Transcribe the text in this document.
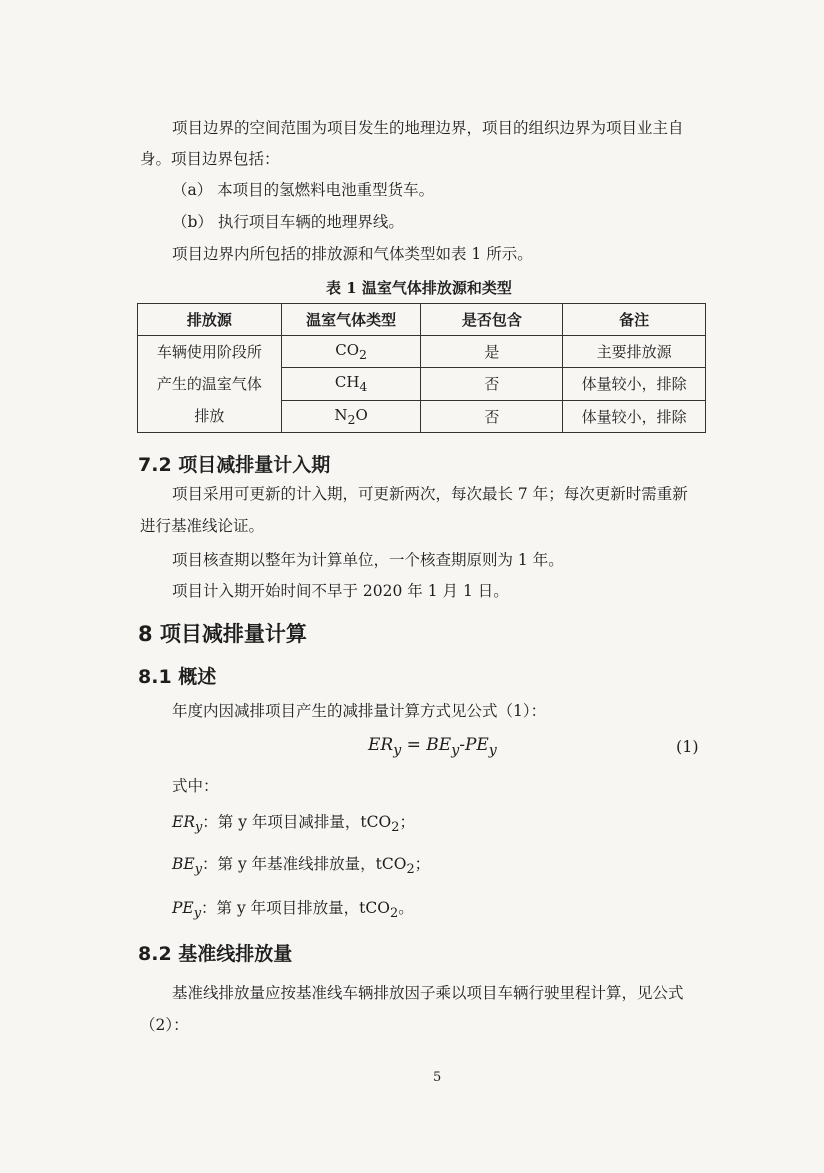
项目边界的空间范围为项目发生的地理边界，项目的组织边界为项目业主自
身。项目边界包括：
（a） 本项目的氢燃料电池重型货车。
（b） 执行项目车辆的地理界线。
项目边界内所包括的排放源和气体类型如表 1 所示。
表 1 温室气体排放源和类型
排放源	温室气体类型	是否包含	备注

车辆使用阶段所
产生的温室气体
排放	$CO_2$	是	主要排放源
	$CH_4$	否	体量较小，排除
	$N_2O$	否	体量较小，排除
7.2 项目减排量计入期
项目采用可更新的计入期，可更新两次，每次最长 7 年；每次更新时需重新
进行基准线论证。
项目核查期以整年为计算单位，一个核查期原则为 1 年。
项目计入期开始时间不早于 2020 年 1 月 1 日。
8 项目减排量计算
8.1 概述
年度内因减排项目产生的减排量计算方式见公式（1）：
$ER_y = BE_y-PE_y$	(1)
式中：
$ER_y$：第 y 年项目减排量，tCO$_2$；
$BE_y$：第 y 年基准线排放量，tCO$_2$；
$PE_y$：第 y 年项目排放量，tCO$_2$。
8.2 基准线排放量
基准线排放量应按基准线车辆排放因子乘以项目车辆行驶里程计算，见公式
（2）：
5
